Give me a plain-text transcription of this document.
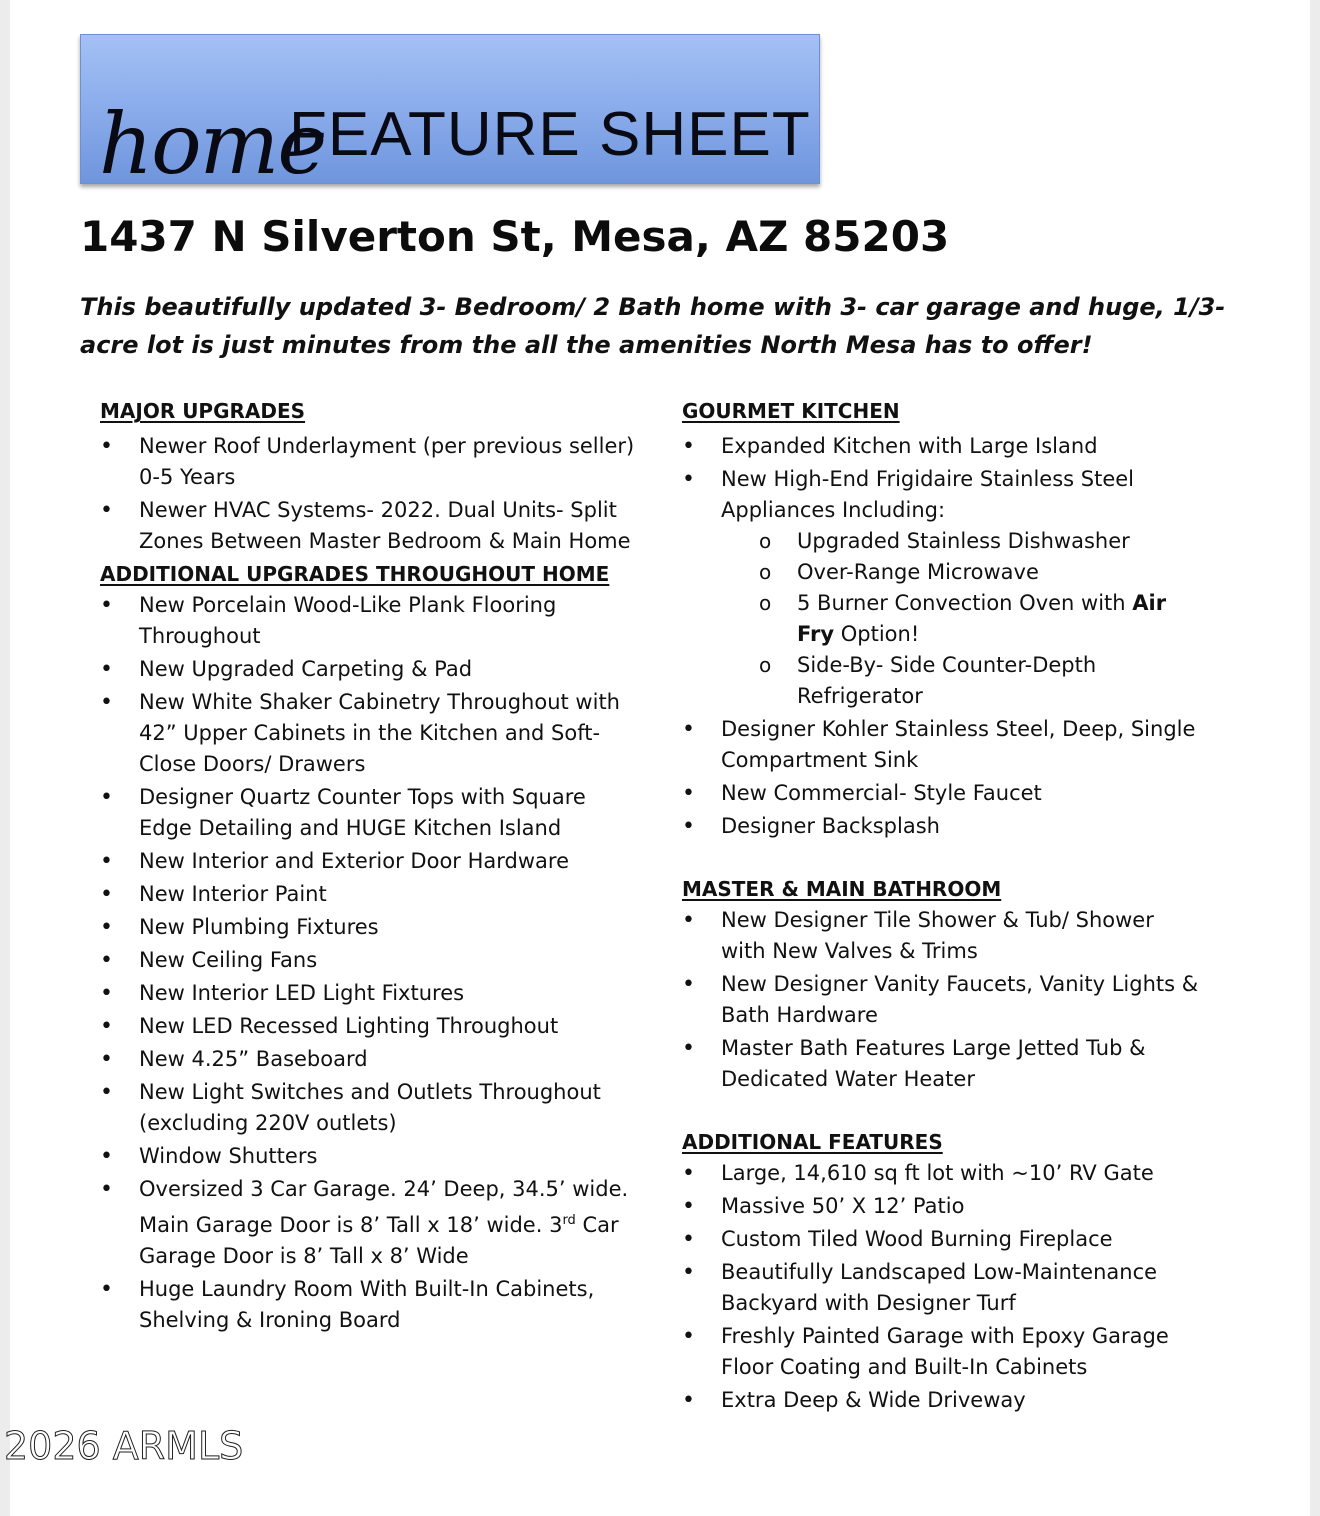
home
FEATURE SHEET
1437 N Silverton St, Mesa, AZ 85203
This beautifully updated 3- Bedroom/ 2 Bath home with 3- car garage and huge, 1/3-acre lot is just minutes from the all the amenities North Mesa has to offer!

MAJOR UPGRADES

• Newer Roof Underlayment (per previous seller) 0-5 Years
• Newer HVAC Systems- 2022. Dual Units- Split Zones Between Master Bedroom & Main Home

ADDITIONAL UPGRADES THROUGHOUT HOME

• New Porcelain Wood-Like Plank Flooring Throughout
• New Upgraded Carpeting & Pad
• New White Shaker Cabinetry Throughout with 42” Upper Cabinets in the Kitchen and Soft-Close Doors/ Drawers
• Designer Quartz Counter Tops with Square Edge Detailing and HUGE Kitchen Island
• New Interior and Exterior Door Hardware
• New Interior Paint
• New Plumbing Fixtures
• New Ceiling Fans
• New Interior LED Light Fixtures
• New LED Recessed Lighting Throughout
• New 4.25” Baseboard
• New Light Switches and Outlets Throughout (excluding 220V outlets)
• Window Shutters
• Oversized 3 Car Garage. 24’ Deep, 34.5’ wide. Main Garage Door is 8’ Tall x 18’ wide. 3rd Car Garage Door is 8’ Tall x 8’ Wide
• Huge Laundry Room With Built-In Cabinets, Shelving & Ironing Board

GOURMET KITCHEN

• Expanded Kitchen with Large Island
• New High-End Frigidaire Stainless Steel Appliances Including:
o Upgraded Stainless Dishwasher
o Over-Range Microwave
o 5 Burner Convection Oven with Air
Fry Option!
o Side-By- Side Counter-Depth Refrigerator
• Designer Kohler Stainless Steel, Deep, Single Compartment Sink
• New Commercial- Style Faucet
• Designer Backsplash

MASTER & MAIN BATHROOM

• New Designer Tile Shower & Tub/ Shower with New Valves & Trims
• New Designer Vanity Faucets, Vanity Lights & Bath Hardware
• Master Bath Features Large Jetted Tub & Dedicated Water Heater

ADDITIONAL FEATURES

• Large, 14,610 sq ft lot with ~10’ RV Gate
• Massive 50’ X 12’ Patio
• Custom Tiled Wood Burning Fireplace
• Beautifully Landscaped Low-Maintenance Backyard with Designer Turf
• Freshly Painted Garage with Epoxy Garage Floor Coating and Built-In Cabinets
• Extra Deep & Wide Driveway
2026 ARMLS
